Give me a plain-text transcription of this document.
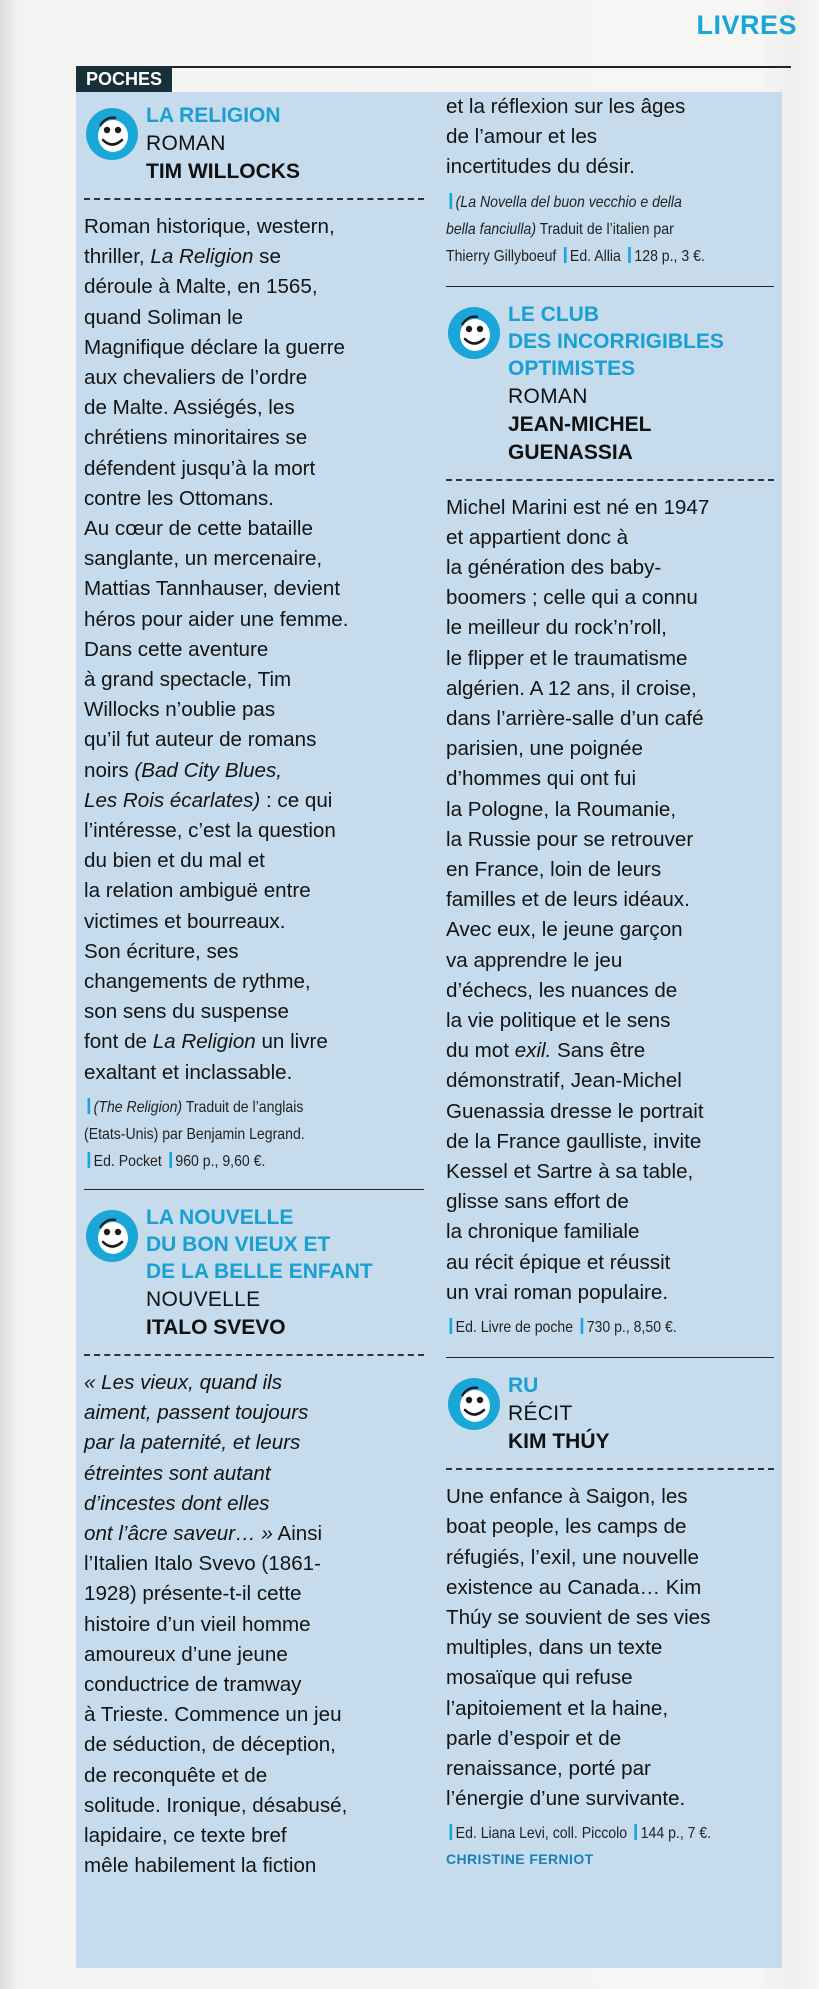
LIVRES
LA RELIGION
ROMAN
TIM WILLOCKS
Roman historique, western,
thriller, La Religion se
déroule à Malte, en 1565,
quand Soliman le
Magnifique déclare la guerre
aux chevaliers de l’ordre
de Malte. Assiégés, les
chrétiens minoritaires se
défendent jusqu’à la mort
contre les Ottomans.
Au cœur de cette bataille
sanglante, un mercenaire,
Mattias Tannhauser, devient
héros pour aider une femme.
Dans cette aventure
à grand spectacle, Tim
Willocks n’oublie pas
qu’il fut auteur de romans
noirs (Bad City Blues,
Les Rois écarlates) : ce qui
l’intéresse, c’est la question
du bien et du mal et
la relation ambiguë entre
victimes et bourreaux.
Son écriture, ses
changements de rythme,
son sens du suspense
font de La Religion un livre
exaltant et inclassable.
(The Religion) Traduit de l’anglais
(Etats-Unis) par Benjamin Legrand.
Ed. Pocket 960 p., 9,60 €.
LA NOUVELLE
DU BON VIEUX ET
DE LA BELLE ENFANT
NOUVELLE
ITALO SVEVO
« Les vieux, quand ils
aiment, passent toujours
par la paternité, et leurs
étreintes sont autant
d’incestes dont elles
ont l’âcre saveur… » Ainsi
l’Italien Italo Svevo (1861-
1928) présente-t-il cette
histoire d’un vieil homme
amoureux d’une jeune
conductrice de tramway
à Trieste. Commence un jeu
de séduction, de déception,
de reconquête et de
solitude. Ironique, désabusé,
lapidaire, ce texte bref
mêle habilement la fiction
et la réflexion sur les âges
de l’amour et les
incertitudes du désir.
(La Novella del buon vecchio e della
bella fanciulla) Traduit de l’italien par
Thierry Gillyboeuf Ed. Allia 128 p., 3 €.
LE CLUB
DES INCORRIGIBLES
OPTIMISTES
ROMAN
JEAN-MICHEL
GUENASSIA
Michel Marini est né en 1947
et appartient donc à
la génération des baby-
boomers ; celle qui a connu
le meilleur du rock’n’roll,
le flipper et le traumatisme
algérien. A 12 ans, il croise,
dans l’arrière-salle d’un café
parisien, une poignée
d’hommes qui ont fui
la Pologne, la Roumanie,
la Russie pour se retrouver
en France, loin de leurs
familles et de leurs idéaux.
Avec eux, le jeune garçon
va apprendre le jeu
d’échecs, les nuances de
la vie politique et le sens
du mot exil. Sans être
démonstratif, Jean-Michel
Guenassia dresse le portrait
de la France gaulliste, invite
Kessel et Sartre à sa table,
glisse sans effort de
la chronique familiale
au récit épique et réussit
un vrai roman populaire.
Ed. Livre de poche 730 p., 8,50 €.
RU
RÉCIT
KIM THÚY
Une enfance à Saigon, les
boat people, les camps de
réfugiés, l’exil, une nouvelle
existence au Canada… Kim
Thúy se souvient de ses vies
multiples, dans un texte
mosaïque qui refuse
l’apitoiement et la haine,
parle d’espoir et de
renaissance, porté par
l’énergie d’une survivante.
Ed. Liana Levi, coll. Piccolo 144 p., 7 €.
CHRISTINE FERNIOT
POCHES
